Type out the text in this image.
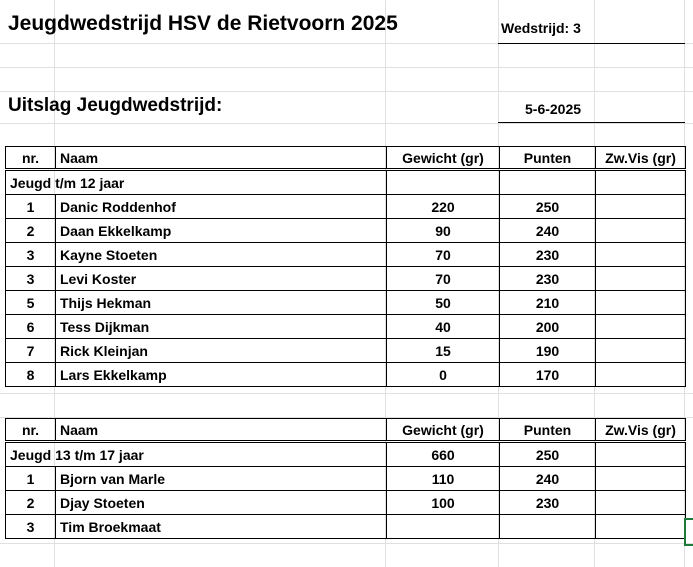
Jeugdwedstrijd HSV de Rietvoorn 2025	Wedstrijd: 3
Uitslag Jeugdwedstrijd:	5-6-2025
nr.	Naam	Gewicht (gr)	Punten	Zw.Vis (gr)
Jeugd t/m 12 jaar				
1	Danic Roddenhof	220	250	
2	Daan Ekkelkamp	90	240	
3	Kayne Stoeten	70	230	
3	Levi Koster	70	230	
5	Thijs Hekman	50	210	
6	Tess Dijkman	40	200	
7	Rick Kleinjan	15	190	
8	Lars Ekkelkamp	0	170	
nr.	Naam	Gewicht (gr)	Punten	Zw.Vis (gr)
Jeugd 13 t/m 17 jaar		660	250	
1	Bjorn van Marle	110	240	
2	Djay Stoeten	100	230	
3	Tim Broekmaat			
